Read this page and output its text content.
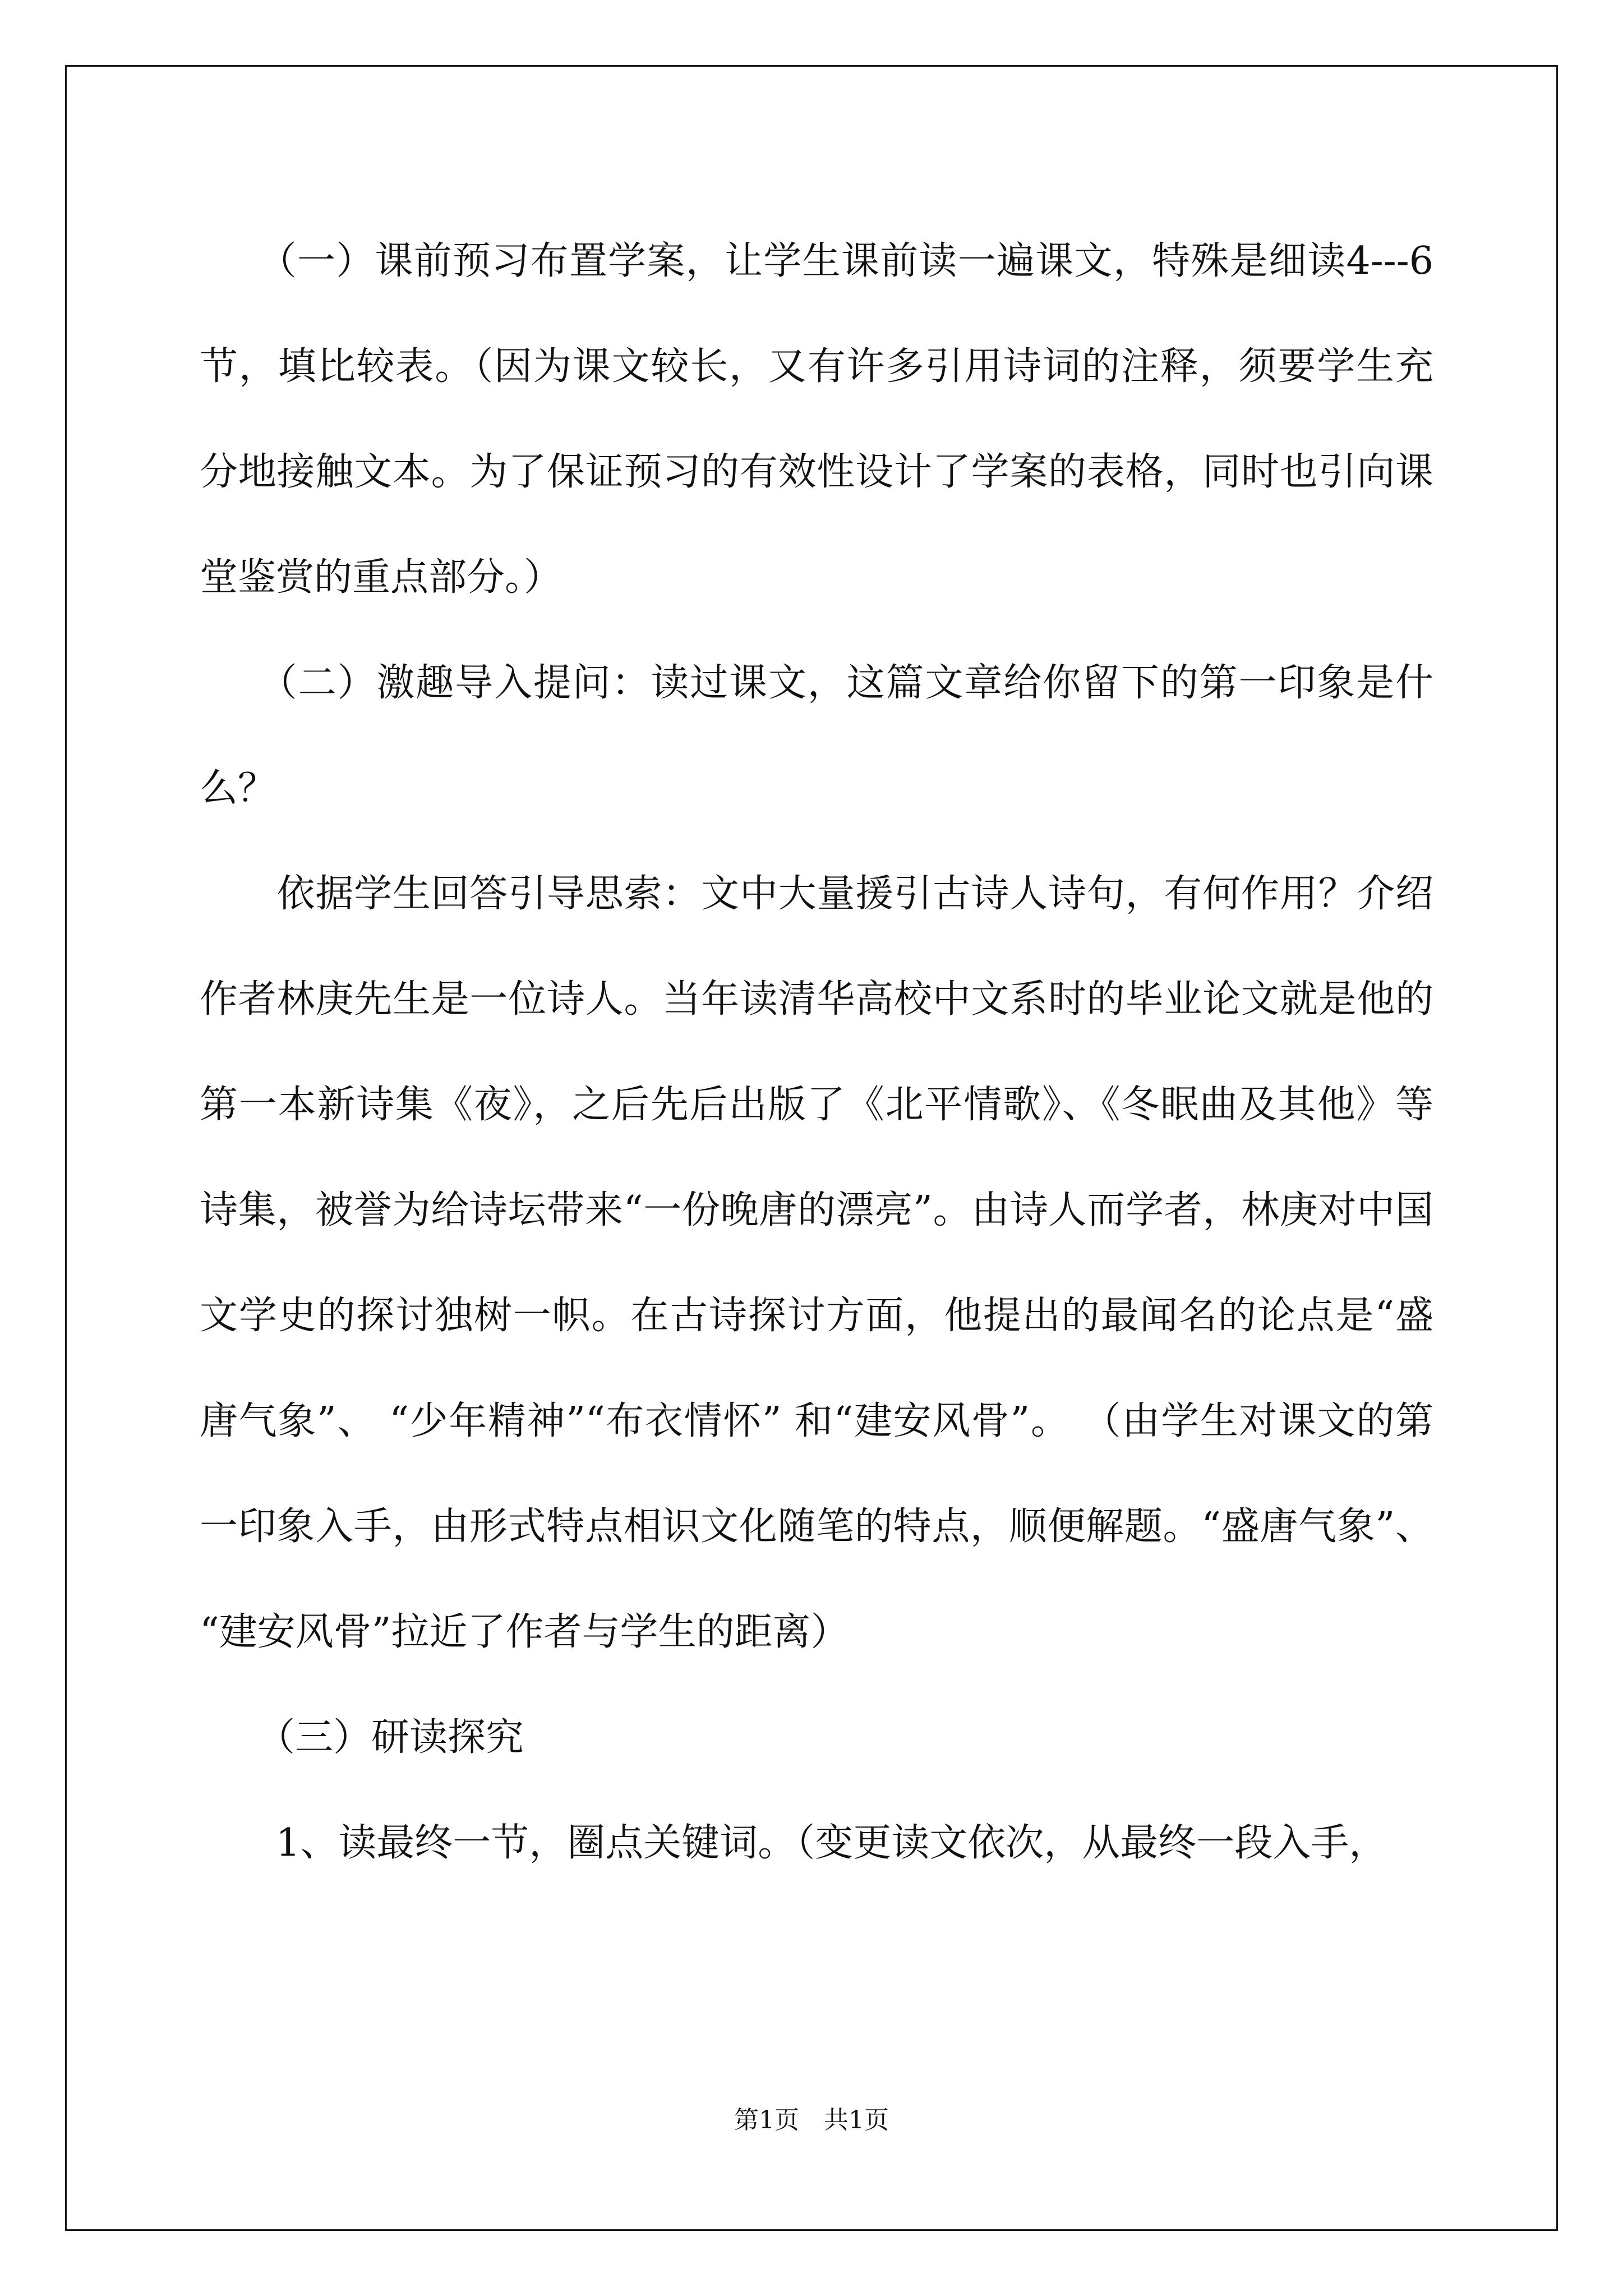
　　（一）课前预习布置学案，让学生课前读一遍课文，特殊是细读4---6节，填比较表。（因为课文较长，又有许多引用诗词的注释，须要学生充分地接触文本。为了保证预习的有效性设计了学案的表格，同时也引向课堂鉴赏的重点部分。）

　　（二）激趣导入提问：读过课文，这篇文章给你留下的第一印象是什么？

　　依据学生回答引导思索：文中大量援引古诗人诗句，有何作用？介绍作者林庚先生是一位诗人。当年读清华高校中文系时的毕业论文就是他的第一本新诗集《夜》，之后先后出版了《北平情歌》、《冬眠曲及其他》等诗集，被誉为给诗坛带来“一份晚唐的漂亮”。由诗人而学者，林庚对中国文学史的探讨独树一帜。在古诗探讨方面，他提出的最闻名的论点是“盛唐气象”、 “少年精神”“布衣情怀” 和“建安风骨”。 （由学生对课文的第一印象入手，由形式特点相识文化随笔的特点，顺便解题。“盛唐气象”、 “建安风骨”拉近了作者与学生的距离）

　　（三）研读探究

　　1、读最终一节，圈点关键词。（变更读文依次，从最终一段入手，

第1页　共1页
